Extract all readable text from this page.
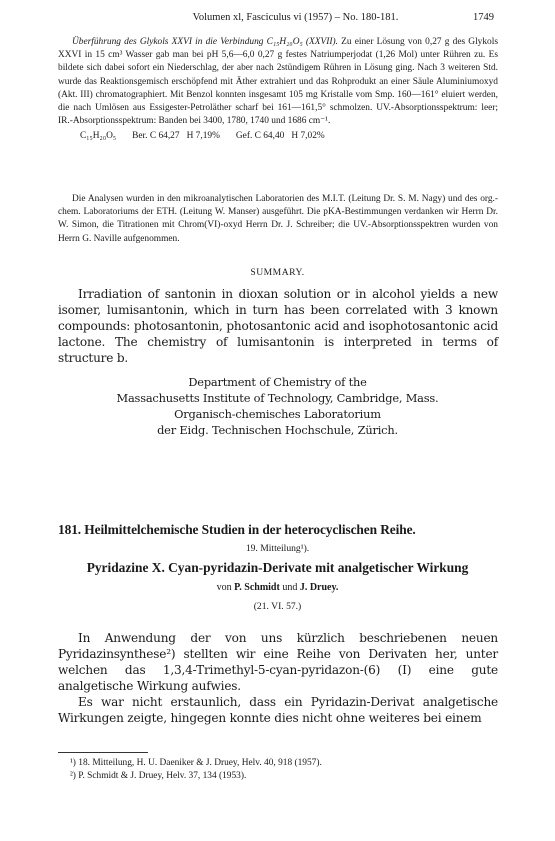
Volumen xl, Fasciculus vi (1957) – No. 180-181.	1749

Überführung des Glykols XXVI in die Verbindung C₁₅H₂₀O₅ (XXVII). Zu einer Lösung von 0,27 g des Glykols XXVI in 15 cm³ Wasser gab man bei pH 5,6—6,0 0,27 g festes Natriumperjodat (1,26 Mol) unter Rühren zu. Es bildete sich dabei sofort ein Niederschlag, der aber nach 2stündigem Rühren in Lösung ging. Nach 3 weiteren Std. wurde das Reaktionsgemisch erschöpfend mit Äther extrahiert und das Rohprodukt an einer Säule Aluminiumoxyd (Akt. III) chromatographiert. Mit Benzol konnten insgesamt 105 mg Kristalle vom Smp. 160—161° eluiert werden, die nach Umlösen aus Essigester-Petroläther scharf bei 161—161,5° schmolzen. UV.-Absorptionsspektrum: leer; IR.-Absorptionsspektrum: Banden bei 3400, 1780, 1740 und 1686 cm⁻¹.

C₁₅H₂₀O₅ Ber. C 64,27   H 7,19% Gef. C 64,40   H 7,02%

Die Analysen wurden in den mikroanalytischen Laboratorien des M.I.T. (Leitung Dr. S. M. Nagy) und des org.-chem. Laboratoriums der ETH. (Leitung W. Manser) ausgeführt. Die pKA-Bestimmungen verdanken wir Herrn Dr. W. Simon, die Titrationen mit Chrom(VI)-oxyd Herrn Dr. J. Schreiber; die UV.-Absorptionsspektren wurden von Herrn G. Naville aufgenommen.

SUMMARY.

Irradiation of santonin in dioxan solution or in alcohol yields a new isomer, lumisantonin, which in turn has been correlated with 3 known compounds: photosantonin, photosantonic acid and isophotosantonic acid lactone. The chemistry of lumisantonin is interpreted in terms of structure b.

Department of Chemistry of the
Massachusetts Institute of Technology, Cambridge, Mass.
Organisch-chemisches Laboratorium
der Eidg. Technischen Hochschule, Zürich.
181. Heilmittelchemische Studien in der heterocyclischen Reihe.
19. Mitteilung¹).
Pyridazine X. Cyan-pyridazin-Derivate mit analgetischer Wirkung
von P. Schmidt und J. Druey.
(21. VI. 57.)

In Anwendung der von uns kürzlich beschriebenen neuen Pyridazinsynthese²) stellten wir eine Reihe von Derivaten her, unter welchen das 1,3,4-Trimethyl-5-cyan-pyridazon-(6) (I) eine gute analgetische Wirkung aufwies.

Es war nicht erstaunlich, dass ein Pyridazin-Derivat analgetische Wirkungen zeigte, hingegen konnte dies nicht ohne weiteres bei einem

¹) 18. Mitteilung, H. U. Daeniker & J. Druey, Helv. 40, 918 (1957).
²) P. Schmidt & J. Druey, Helv. 37, 134 (1953).
